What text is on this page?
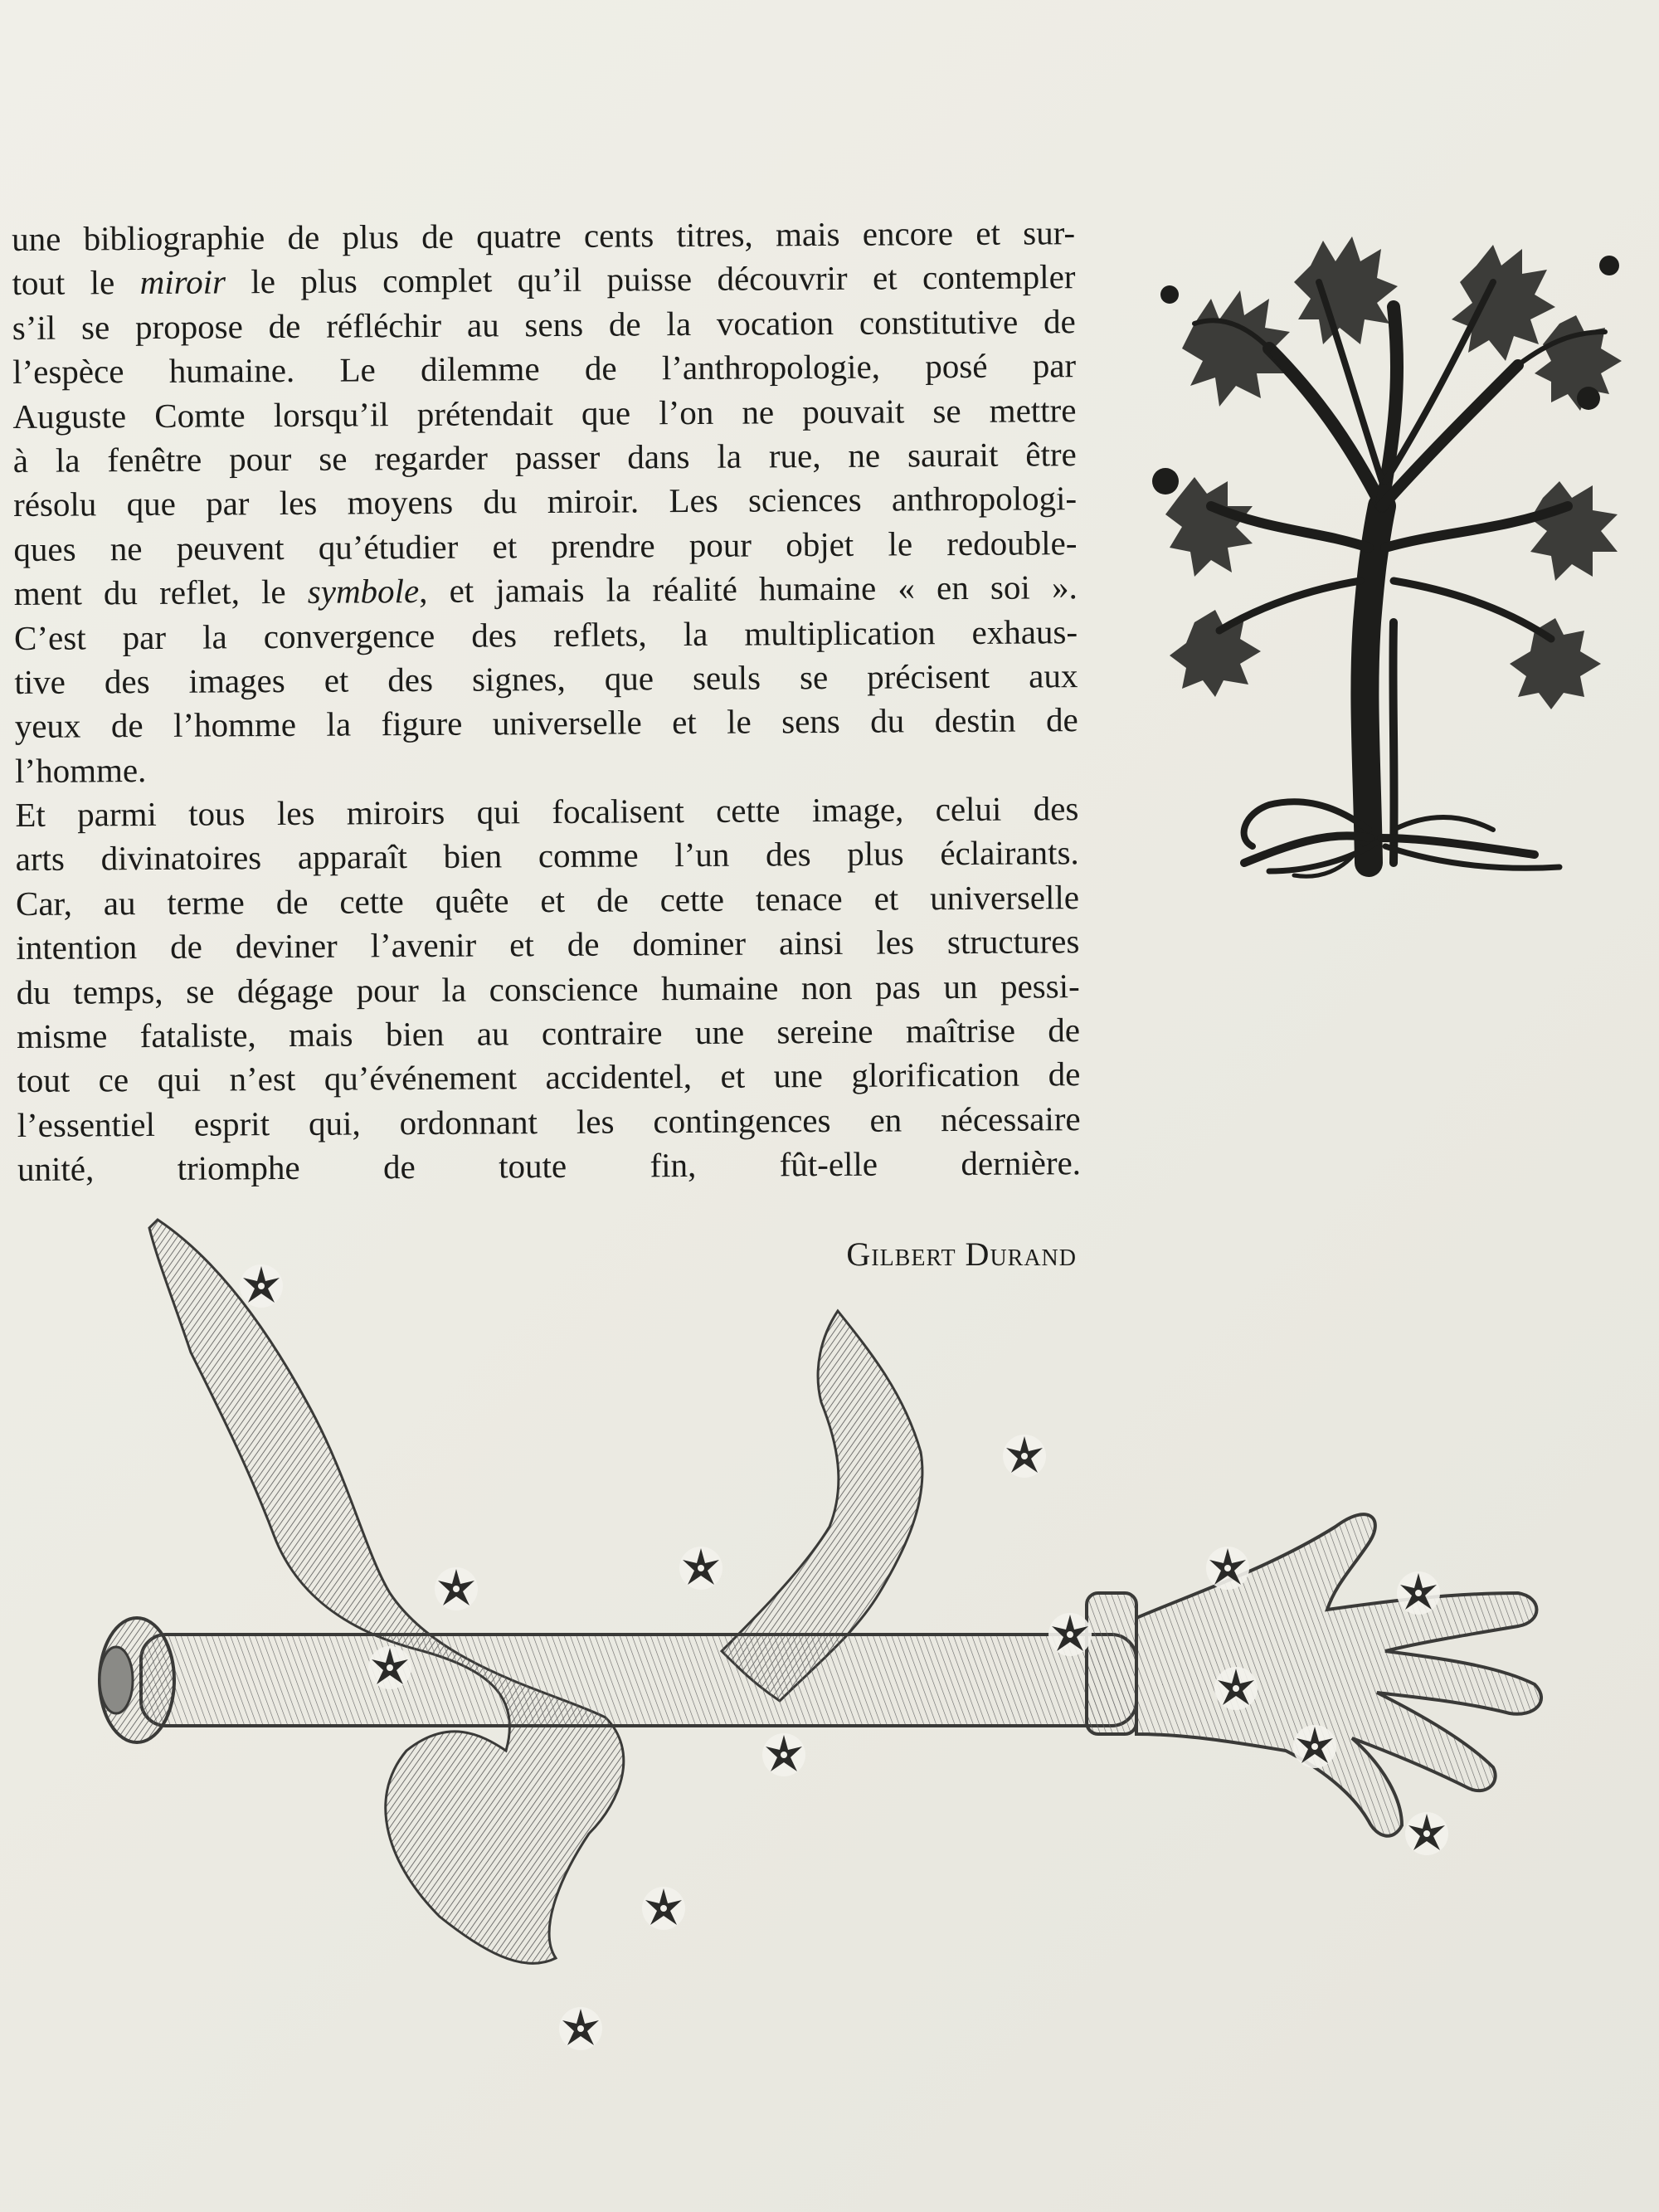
une bibliographie de plus de quatre cents titres, mais encore et sur-
tout le miroir le plus complet qu’il puisse découvrir et contempler
s’il se propose de réfléchir au sens de la vocation constitutive de
l’espèce humaine. Le dilemme de l’anthropologie, posé par
Auguste Comte lorsqu’il prétendait que l’on ne pouvait se mettre
à la fenêtre pour se regarder passer dans la rue, ne saurait être
résolu que par les moyens du miroir. Les sciences anthropologi-
ques ne peuvent qu’étudier et prendre pour objet le redouble-
ment du reflet, le symbole, et jamais la réalité humaine « en soi ».
C’est par la convergence des reflets, la multiplication exhaus-
tive des images et des signes, que seuls se précisent aux
yeux de l’homme la figure universelle et le sens du destin de
l’homme.
Et parmi tous les miroirs qui focalisent cette image, celui des
arts divinatoires apparaît bien comme l’un des plus éclairants.
Car, au terme de cette quête et de cette tenace et universelle
intention de deviner l’avenir et de dominer ainsi les structures
du temps, se dégage pour la conscience humaine non pas un pessi-
misme fataliste, mais bien au contraire une sereine maîtrise de
tout ce qui n’est qu’événement accidentel, et une glorification de
l’essentiel esprit qui, ordonnant les contingences en nécessaire
unité, triomphe de toute fin, fût-elle dernière.
Gilbert Durand
